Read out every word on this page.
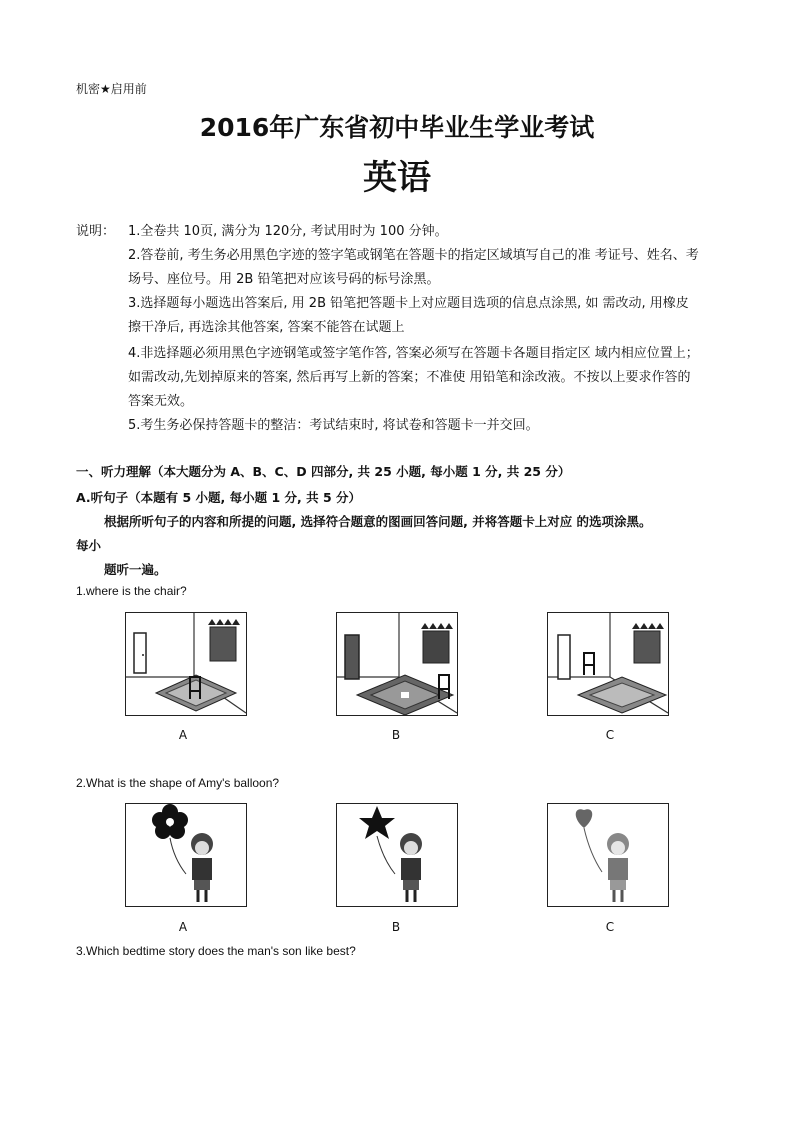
机密★启用前
2016年广东省初中毕业生学业考试
英语
说明： 1.全卷共 10页, 满分为 120分, 考试用时为 100 分钟。
2.答卷前, 考生务必用黑色字迹的签字笔或钢笔在答题卡的指定区域填写自己的准 考证号、姓名、考
场号、座位号。用 2B 铅笔把对应该号码的标号涂黑。
3.选择题每小题选出答案后, 用 2B 铅笔把答题卡上对应题目选项的信息点涂黑, 如 需改动, 用橡皮
擦干净后, 再选涂其他答案, 答案不能答在试题上
4.非选择题必须用黑色字迹钢笔或签字笔作答, 答案必须写在答题卡各题目指定区 域内相应位置上；
如需改动,先划掉原来的答案, 然后再写上新的答案；不准使 用铅笔和涂改液。不按以上要求作答的
答案无效。
5.考生务必保持答题卡的整洁：考试结束时, 将试卷和答题卡一并交回。
一、听力理解（本大题分为 A、B、C、D 四部分, 共 25 小题, 每小题 1 分, 共 25 分）
A.听句子（本题有 5 小题, 每小题 1 分, 共 5 分）
根据所听句子的内容和所提的问题, 选择符合题意的图画回答问题, 并将答题卡上对应 的选项涂黑。
每小
题听一遍。
1.where is the chair?
A	B	C
2.What is the shape of Amy's balloon?
A	B	C
3.Which bedtime story does the man's son like best?
